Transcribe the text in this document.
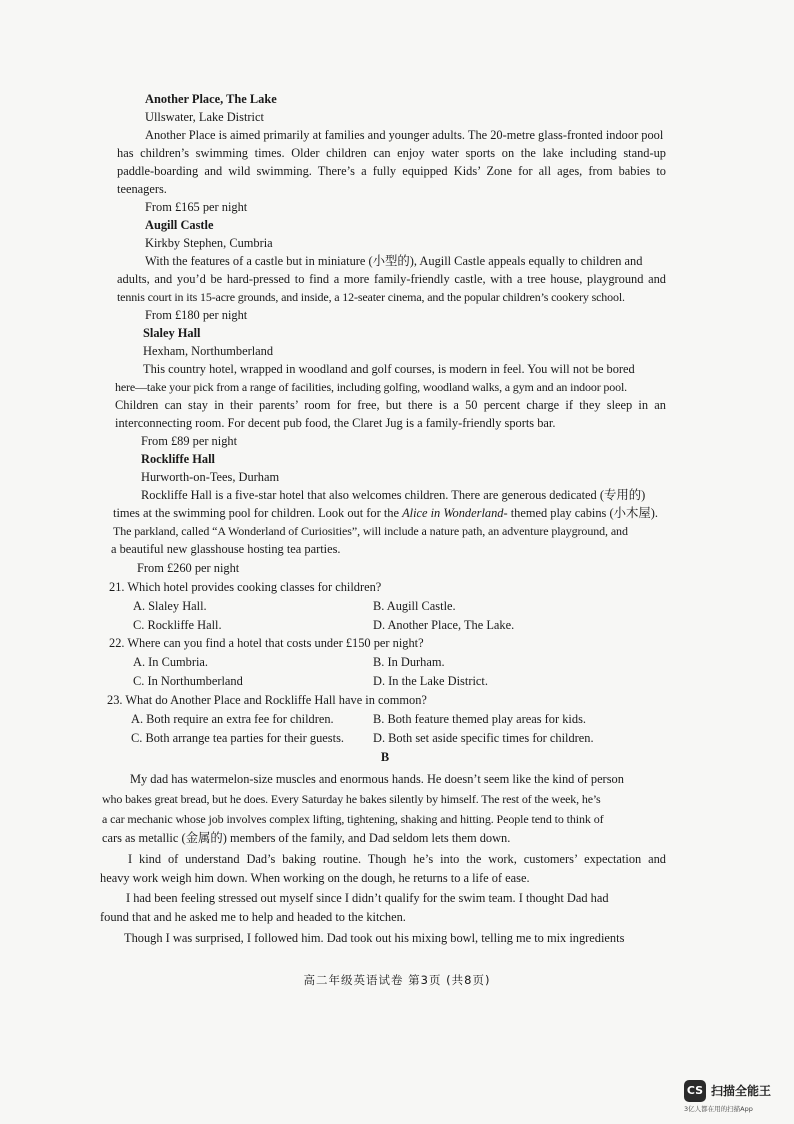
Another Place, The Lake
Ullswater, Lake District
Another Place is aimed primarily at families and younger adults. The 20-metre glass-fronted indoor pool
has children’s swimming times. Older children can enjoy water sports on the lake including stand-up
paddle-boarding and wild swimming. There’s a fully equipped Kids’ Zone for all ages, from babies to
teenagers.
From £165 per night
Augill Castle
Kirkby Stephen, Cumbria
With the features of a castle but in miniature (小型的), Augill Castle appeals equally to children and
adults, and you’d be hard-pressed to find a more family-friendly castle, with a tree house, playground and
tennis court in its 15-acre grounds, and inside, a 12-seater cinema, and the popular children’s cookery school.
From £180 per night
Slaley Hall
Hexham, Northumberland
This country hotel, wrapped in woodland and golf courses, is modern in feel. You will not be bored
here—take your pick from a range of facilities, including golfing, woodland walks, a gym and an indoor pool.
Children can stay in their parents’ room for free, but there is a 50 percent charge if they sleep in an
interconnecting room. For decent pub food, the Claret Jug is a family-friendly sports bar.
From £89 per night
Rockliffe Hall
Hurworth-on-Tees, Durham
Rockliffe Hall is a five-star hotel that also welcomes children. There are generous dedicated (专用的)
times at the swimming pool for children. Look out for the Alice in Wonderland- themed play cabins (小木屋).
The parkland, called “A Wonderland of Curiosities”, will include a nature path, an adventure playground, and
a beautiful new glasshouse hosting tea parties.
From £260 per night
21. Which hotel provides cooking classes for children?
A. Slaley Hall.	B. Augill Castle.
C. Rockliffe Hall.	D. Another Place, The Lake.
22. Where can you find a hotel that costs under £150 per night?
A. In Cumbria.	B. In Durham.
C. In Northumberland	D. In the Lake District.
23. What do Another Place and Rockliffe Hall have in common?
A. Both require an extra fee for children.	B. Both feature themed play areas for kids.
C. Both arrange tea parties for their guests. D. Both set aside specific times for children.
B
My dad has watermelon-size muscles and enormous hands. He doesn’t seem like the kind of person
who bakes great bread, but he does. Every Saturday he bakes silently by himself. The rest of the week, he’s
a car mechanic whose job involves complex lifting, tightening, shaking and hitting. People tend to think of
cars as metallic (金属的) members of the family, and Dad seldom lets them down.
I kind of understand Dad’s baking routine. Though he’s into the work, customers’ expectation and
heavy work weigh him down. When working on the dough, he returns to a life of ease.
I had been feeling stressed out myself since I didn’t qualify for the swim team. I thought Dad had
found that and he asked me to help and headed to the kitchen.
Though I was surprised, I followed him. Dad took out his mixing bowl, telling me to mix ingredients
高二年级英语试卷 第3页 (共8页)
CS 扫描全能王
3亿人都在用的扫描App
